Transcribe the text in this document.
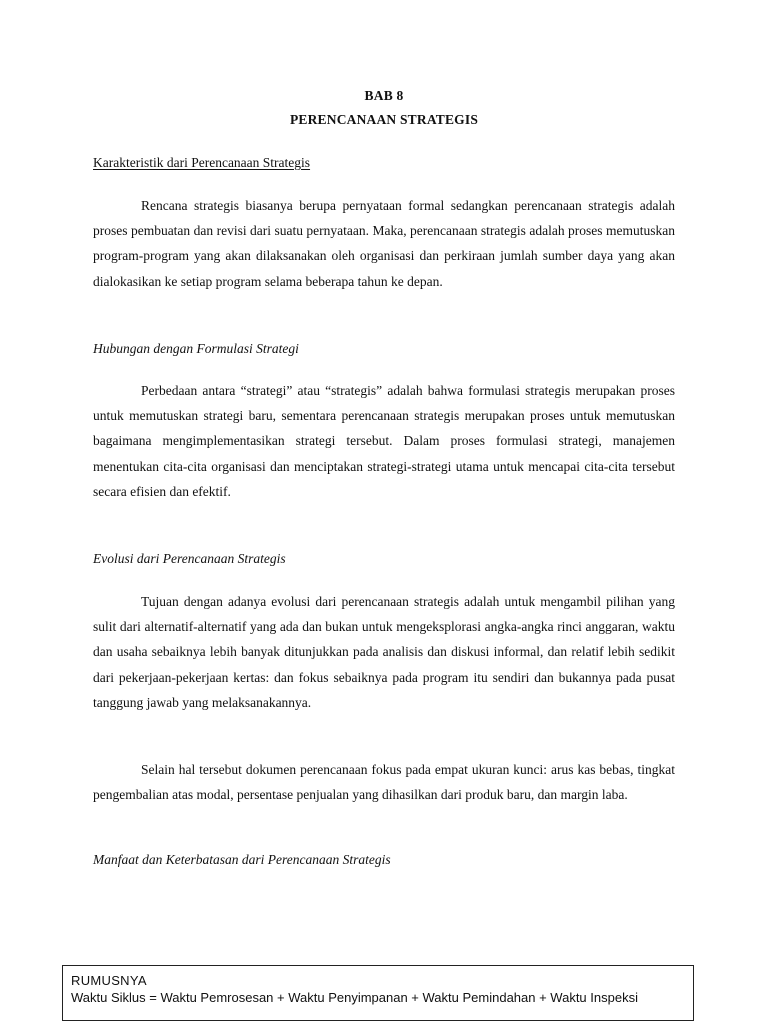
BAB 8
PERENCANAAN STRATEGIS
Karakteristik dari Perencanaan Strategis

Rencana strategis biasanya berupa pernyataan formal sedangkan perencanaan strategis adalah proses pembuatan dan revisi dari suatu pernyataan. Maka, perencanaan strategis adalah proses memutuskan program-program yang akan dilaksanakan oleh organisasi dan perkiraan jumlah sumber daya yang akan dialokasikan ke setiap program selama beberapa tahun ke depan.

Hubungan dengan Formulasi Strategi

Perbedaan antara “strategi” atau “strategis” adalah bahwa formulasi strategis merupakan proses untuk memutuskan strategi baru, sementara perencanaan strategis merupakan proses untuk memutuskan bagaimana mengimplementasikan strategi tersebut. Dalam proses formulasi strategi, manajemen menentukan cita-cita organisasi dan menciptakan strategi-strategi utama untuk mencapai cita-cita tersebut secara efisien dan efektif.

Evolusi dari Perencanaan Strategis

Tujuan dengan adanya evolusi dari perencanaan strategis adalah untuk mengambil pilihan yang sulit dari alternatif-alternatif yang ada dan bukan untuk mengeksplorasi angka-angka rinci anggaran, waktu dan usaha sebaiknya lebih banyak ditunjukkan pada analisis dan diskusi informal, dan relatif lebih sedikit dari pekerjaan-pekerjaan kertas: dan fokus sebaiknya pada program itu sendiri dan bukannya pada pusat tanggung jawab yang melaksanakannya.

Selain hal tersebut dokumen perencanaan fokus pada empat ukuran kunci: arus kas bebas, tingkat pengembalian atas modal, persentase penjualan yang dihasilkan dari produk baru, dan margin laba.

Manfaat dan Keterbatasan dari Perencanaan Strategis
RUMUSNYA
Waktu Siklus = Waktu Pemrosesan + Waktu Penyimpanan + Waktu Pemindahan + Waktu Inspeksi
